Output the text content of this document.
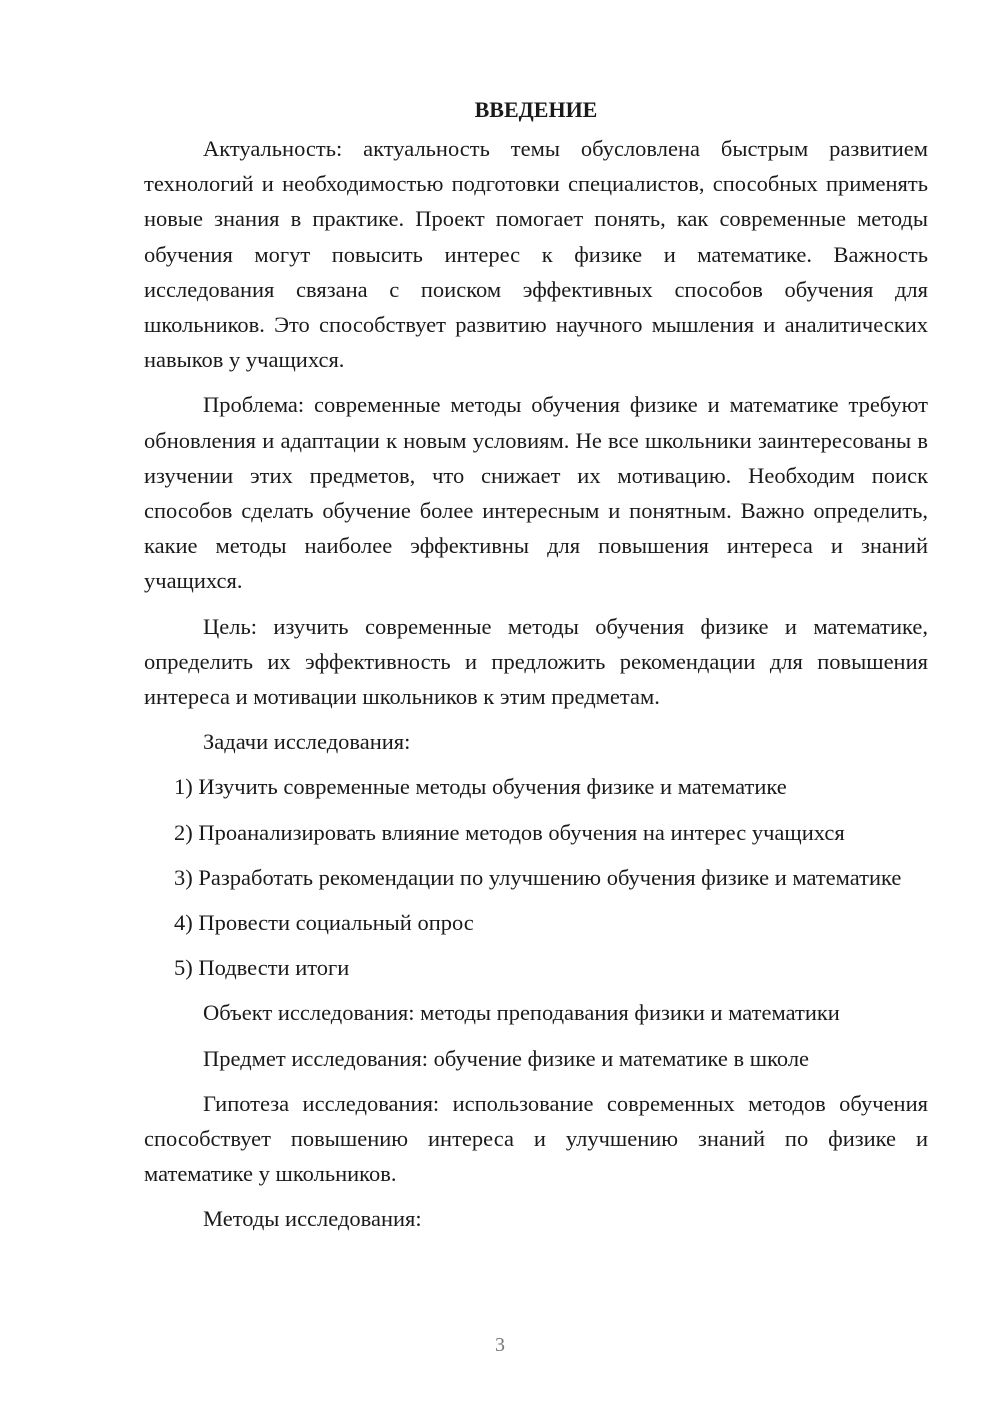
ВВЕДЕНИЕ

Актуальность: актуальность темы обусловлена быстрым развитием технологий и необходимостью подготовки специалистов, способных применять новые знания в практике. Проект помогает понять, как современные методы обучения могут повысить интерес к физике и математике. Важность исследования связана с поиском эффективных способов обучения для школьников. Это способствует развитию научного мышления и аналитических навыков у учащихся.

Проблема: современные методы обучения физике и математике требуют обновления и адаптации к новым условиям. Не все школьники заинтересованы в изучении этих предметов, что снижает их мотивацию. Необходим поиск способов сделать обучение более интересным и понятным. Важно определить, какие методы наиболее эффективны для повышения интереса и знаний учащихся.

Цель: изучить современные методы обучения физике и математике, определить их эффективность и предложить рекомендации для повышения интереса и мотивации школьников к этим предметам.

Задачи исследования:

1) Изучить современные методы обучения физике и математике

2) Проанализировать влияние методов обучения на интерес учащихся

3) Разработать рекомендации по улучшению обучения физике и математике

4) Провести социальный опрос

5) Подвести итоги

Объект исследования: методы преподавания физики и математики

Предмет исследования: обучение физике и математике в школе

Гипотеза исследования: использование современных методов обучения способствует повышению интереса и улучшению знаний по физике и математике у школьников.

Методы исследования:

3
